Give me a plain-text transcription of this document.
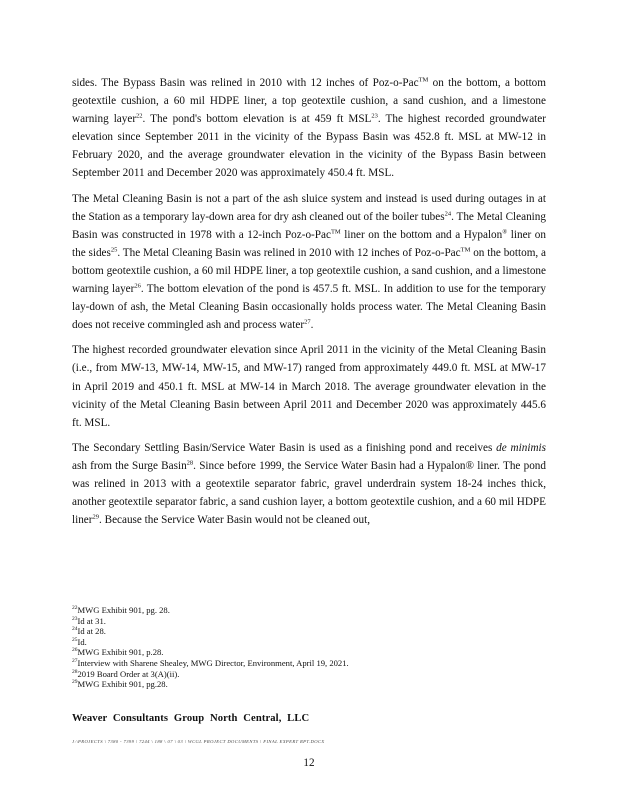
sides. The Bypass Basin was relined in 2010 with 12 inches of Poz-o-Pac™ on the bottom, a bottom geotextile cushion, a 60 mil HDPE liner, a top geotextile cushion, a sand cushion, and a limestone warning layer$^{22}$. The pond's bottom elevation is at 459 ft MSL$^{23}$. The highest recorded groundwater elevation since September 2011 in the vicinity of the Bypass Basin was 452.8 ft. MSL at MW-12 in February 2020, and the average groundwater elevation in the vicinity of the Bypass Basin between September 2011 and December 2020 was approximately 450.4 ft. MSL.

The Metal Cleaning Basin is not a part of the ash sluice system and instead is used during outages in at the Station as a temporary lay-down area for dry ash cleaned out of the boiler tubes$^{24}$. The Metal Cleaning Basin was constructed in 1978 with a 12-inch Poz-o-Pac™ liner on the bottom and a Hypalon® liner on the sides$^{25}$. The Metal Cleaning Basin was relined in 2010 with 12 inches of Poz-o-Pac™ on the bottom, a bottom geotextile cushion, a 60 mil HDPE liner, a top geotextile cushion, a sand cushion, and a limestone warning layer$^{26}$. The bottom elevation of the pond is 457.5 ft. MSL. In addition to use for the temporary lay-down of ash, the Metal Cleaning Basin occasionally holds process water. The Metal Cleaning Basin does not receive commingled ash and process water$^{27}$.

The highest recorded groundwater elevation since April 2011 in the vicinity of the Metal Cleaning Basin (i.e., from MW-13, MW-14, MW-15, and MW-17) ranged from approximately 449.0 ft. MSL at MW-17 in April 2019 and 450.1 ft. MSL at MW-14 in March 2018. The average groundwater elevation in the vicinity of the Metal Cleaning Basin between April 2011 and December 2020 was approximately 445.6 ft. MSL.

The Secondary Settling Basin/Service Water Basin is used as a finishing pond and receives de minimis ash from the Surge Basin$^{28}$. Since before 1999, the Service Water Basin had a Hypalon® liner. The pond was relined in 2013 with a geotextile separator fabric, gravel underdrain system 18-24 inches thick, another geotextile separator fabric, a sand cushion layer, a bottom geotextile cushion, and a 60 mil HDPE liner$^{29}$. Because the Service Water Basin would not be cleaned out,

$^{22}$MWG Exhibit 901, pg. 28.
$^{23}$Id at 31.
$^{24}$Id at 28.
$^{25}$Id.
$^{26}$MWG Exhibit 901, p.28.
$^{27}$Interview with Sharene Shealey, MWG Director, Environment, April 19, 2021.
$^{28}$2019 Board Order at 3(A)(ii).
$^{29}$MWG Exhibit 901, pg.28.
Weaver Consultants Group North Central, LLC
J:\PROJECTS \ 7380 - 7399 \ 7244 \ 188 \ 07 \ 03 \ WCGL PROJECT DOCUMENTS \ FINAL EXPERT RPT.DOCX
12
